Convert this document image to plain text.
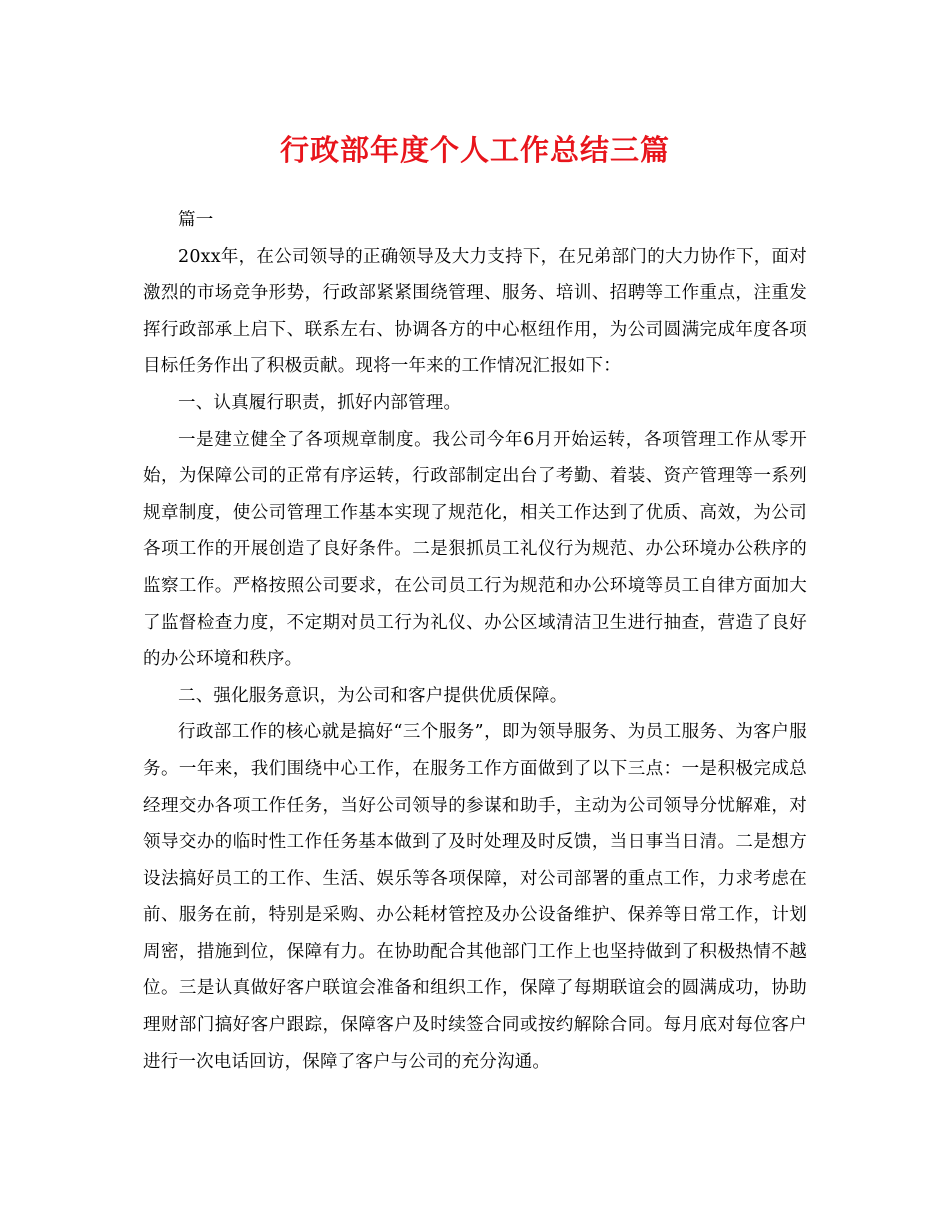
行政部年度个人工作总结三篇

篇一

20xx年，在公司领导的正确领导及大力支持下，在兄弟部门的大力协作下，面对激烈的市场竞争形势，行政部紧紧围绕管理、服务、培训、招聘等工作重点，注重发挥行政部承上启下、联系左右、协调各方的中心枢纽作用，为公司圆满完成年度各项目标任务作出了积极贡献。现将一年来的工作情况汇报如下：

一、认真履行职责，抓好内部管理。

一是建立健全了各项规章制度。我公司今年6月开始运转，各项管理工作从零开始，为保障公司的正常有序运转，行政部制定出台了考勤、着装、资产管理等一系列规章制度，使公司管理工作基本实现了规范化，相关工作达到了优质、高效，为公司各项工作的开展创造了良好条件。二是狠抓员工礼仪行为规范、办公环境办公秩序的监察工作。严格按照公司要求，在公司员工行为规范和办公环境等员工自律方面加大了监督检查力度，不定期对员工行为礼仪、办公区域清洁卫生进行抽查，营造了良好的办公环境和秩序。

二、强化服务意识，为公司和客户提供优质保障。

行政部工作的核心就是搞好“三个服务”，即为领导服务、为员工服务、为客户服务。一年来，我们围绕中心工作，在服务工作方面做到了以下三点：一是积极完成总经理交办各项工作任务，当好公司领导的参谋和助手，主动为公司领导分忧解难，对领导交办的临时性工作任务基本做到了及时处理及时反馈，当日事当日清。二是想方设法搞好员工的工作、生活、娱乐等各项保障，对公司部署的重点工作，力求考虑在前、服务在前，特别是采购、办公耗材管控及办公设备维护、保养等日常工作，计划周密，措施到位，保障有力。在协助配合其他部门工作上也坚持做到了积极热情不越位。三是认真做好客户联谊会准备和组织工作，保障了每期联谊会的圆满成功，协助理财部门搞好客户跟踪，保障客户及时续签合同或按约解除合同。每月底对每位客户进行一次电话回访，保障了客户与公司的充分沟通。
